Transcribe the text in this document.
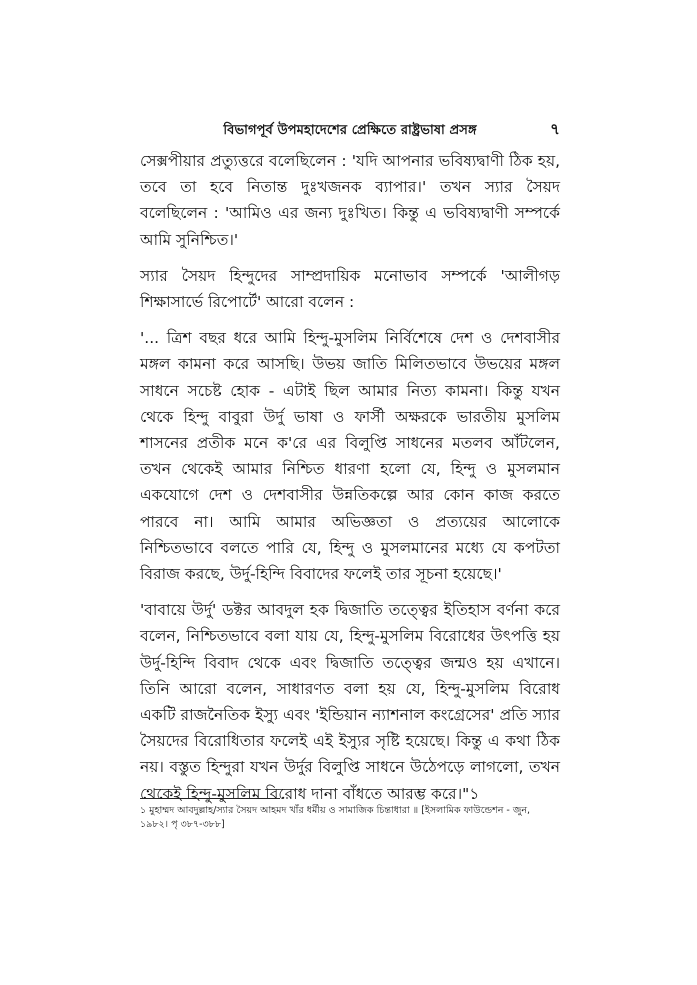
বিভাগপূর্ব উপমহাদেশের প্রেক্ষিতে রাষ্ট্রভাষা প্রসঙ্গ	৭

সেক্সপীয়ার প্রত্যুত্তরে বলেছিলেন : 'যদি আপনার ভবিষ্যদ্বাণী ঠিক হয়, তবে তা হবে নিতান্ত দুঃখজনক ব্যাপার।' তখন স্যার সৈয়দ বলেছিলেন : 'আমিও এর জন্য দুঃখিত। কিন্তু এ ভবিষ্যদ্বাণী সম্পর্কে আমি সুনিশ্চিত।'

স্যার সৈয়দ হিন্দুদের সাম্প্রদায়িক মনোভাব সম্পর্কে 'আলীগড় শিক্ষাসার্ভে রিপোর্টে' আরো বলেন :

'... ত্রিশ বছর ধরে আমি হিন্দু-মুসলিম নির্বিশেষে দেশ ও দেশবাসীর মঙ্গল কামনা করে আসছি। উভয় জাতি মিলিতভাবে উভয়ের মঙ্গল সাধনে সচেষ্ট হোক - এটাই ছিল আমার নিত্য কামনা। কিন্তু যখন থেকে হিন্দু বাবুরা উর্দু ভাষা ও ফার্সী অক্ষরকে ভারতীয় মুসলিম শাসনের প্রতীক মনে ক'রে এর বিলুপ্তি সাধনের মতলব আঁটলেন, তখন থেকেই আমার নিশ্চিত ধারণা হলো যে, হিন্দু ও মুসলমান একযোগে দেশ ও দেশবাসীর উন্নতিকল্পে আর কোন কাজ করতে পারবে না। আমি আমার অভিজ্ঞতা ও প্রত্যয়ের আলোকে নিশ্চিতভাবে বলতে পারি যে, হিন্দু ও মুসলমানের মধ্যে যে কপটতা বিরাজ করছে, উর্দু-হিন্দি বিবাদের ফলেই তার সূচনা হয়েছে।'

'বাবায়ে উর্দু' ডক্টর আবদুল হক দ্বিজাতি তত্ত্বের ইতিহাস বর্ণনা করে বলেন, নিশ্চিতভাবে বলা যায় যে, হিন্দু-মুসলিম বিরোধের উৎপত্তি হয় উর্দু-হিন্দি বিবাদ থেকে এবং দ্বিজাতি তত্ত্বের জন্মও হয় এখানে। তিনি আরো বলেন, সাধারণত বলা হয় যে, হিন্দু-মুসলিম বিরোধ একটি রাজনৈতিক ইস্যু এবং 'ইন্ডিয়ান ন্যাশনাল কংগ্রেসের' প্রতি স্যার সৈয়দের বিরোধিতার ফলেই এই ইস্যুর সৃষ্টি হয়েছে। কিন্তু এ কথা ঠিক নয়। বস্তুত হিন্দুরা যখন উর্দুর বিলুপ্তি সাধনে উঠেপড়ে লাগলো, তখন থেকেই হিন্দু-মুসলিম বিরোধ দানা বাঁধতে আরম্ভ করে।"১

১ মুহাম্মদ আবদুল্লাহ/স্যার সৈয়দ আহমদ খাঁর ধর্মীয় ও সামাজিক চিন্তাধারা ॥ [ইসলামিক ফাউন্ডেশন - জুন, ১৯৮২। পৃ ৩৮৭-৩৮৮]
